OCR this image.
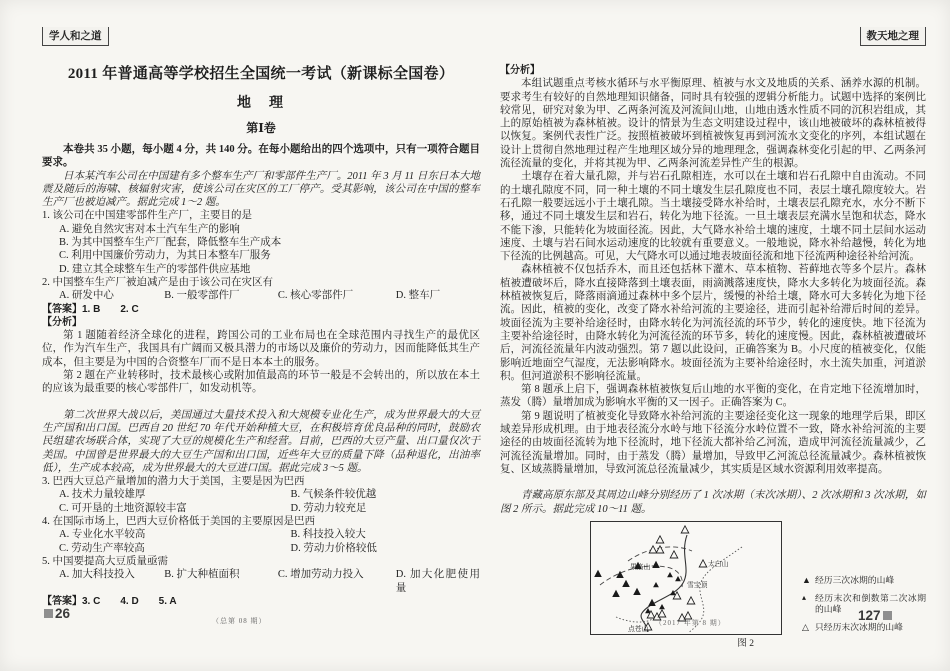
学人和之道
2011 年普通高等学校招生全国统一考试（新课标全国卷）
地　理
第Ⅰ卷
本卷共 35 小题，每小题 4 分，共 140 分。在每小题给出的四个选项中，只有一项符合题目要求。
日本某汽车公司在中国建有多个整车生产厂和零部件生产厂。2011 年 3 月 11 日东日本大地震及随后的海啸、核辐射灾害，使该公司在灾区的工厂停产。受其影响，该公司在中国的整车生产厂也被迫减产。据此完成 1～2 题。
1. 该公司在中国建零部件生产厂，主要目的是
A. 避免自然灾害对本土汽车生产的影响
B. 为其中国整车生产厂配套，降低整车生产成本
C. 利用中国廉价劳动力，为其日本整车厂服务
D. 建立其全球整车生产的零部件供应基地
2. 中国整车生产厂被迫减产是由于该公司在灾区有
A. 研发中心	B. 一般零部件厂	C. 核心零部件厂	D. 整车厂
【答案】1. B　　2. C
【分析】
第 1 题随着经济全球化的进程，跨国公司的工业布局也在全球范围内寻找生产的最优区位，作为汽车生产，我国具有广阔而又极具潜力的市场以及廉价的劳动力，因而能降低其生产成本，但主要是为中国的合资整车厂而不是日本本土的服务。
第 2 题在产业转移时，技术最核心或附加值最高的环节一般是不会转出的，所以放在本土的应该为最重要的核心零部件厂，如发动机等。
第二次世界大战以后，美国通过大量技术投入和大规模专业化生产，成为世界最大的大豆生产国和出口国。巴西自 20 世纪 70 年代开始种植大豆，在积极培育优良品种的同时，鼓励农民组建农场联合体，实现了大豆的规模化生产和经营。目前，巴西的大豆产量、出口量仅次于美国。中国曾是世界最大的大豆生产国和出口国，近些年大豆的质量下降（品种退化，出油率低），生产成本较高，成为世界最大的大豆进口国。据此完成 3～5 题。
3. 巴西大豆总产量增加的潜力大于美国，主要是因为巴西
A. 技术力量较雄厚	B. 气候条件较优越
C. 可开垦的土地资源较丰富	D. 劳动力较充足
4. 在国际市场上，巴西大豆价格低于美国的主要原因是巴西
A. 专业化水平较高	B. 科技投入较大
C. 劳动生产率较高	D. 劳动力价格较低
5. 中国要提高大豆质量亟需
A. 加大科技投入	B. 扩大种植面积	C. 增加劳动力投入	D. 加大化肥使用量
【答案】3. C　　4. D　　5. A
教天地之理
【分析】
本组试题重点考核水循环与水平衡原理、植被与水文及地质的关系、涵养水源的机制。要求考生有较好的自然地理知识储备，同时具有较强的逻辑分析能力。试题中选择的案例比较常见，研究对象为甲、乙两条河流及河流间山地，山地由透水性质不同的沉积岩组成，其上的原始植被为森林植被。设计的情景为生态文明建设过程中，该山地被破坏的森林植被得以恢复。案例代表性广泛。按照植被破坏到植被恢复再到河流水文变化的序列，本组试题在设计上贯彻自然地理过程产生地理区域分异的地理理念，强调森林变化引起的甲、乙两条河流径流量的变化，并将其视为甲、乙两条河流差异性产生的根源。
土壤存在着大量孔隙，并与岩石孔隙相连，水可以在土壤和岩石孔隙中自由流动。不同的土壤孔隙度不同，同一种土壤的不同土壤发生层孔隙度也不同，表层土壤孔隙度较大。岩石孔隙一般要远远小于土壤孔隙。当土壤接受降水补给时，土壤表层孔隙充水，水分不断下移，通过不同土壤发生层和岩石，转化为地下径流。一旦土壤表层充满水呈饱和状态，降水不能下渗，只能转化为坡面径流。因此，大气降水补给土壤的速度，土壤不同土层间水运动速度、土壤与岩石间水运动速度的比较就有重要意义。一般地说，降水补给越慢，转化为地下径流的比例越高。可见，大气降水可以通过地表坡面径流和地下径流两种途径补给河流。
森林植被不仅包括乔木，而且还包括林下灌木、草本植物、苔藓地衣等多个层片。森林植被遭破坏后，降水直接降落到土壤表面，雨滴溅落速度快，降水大多转化为坡面径流。森林植被恢复后，降落雨滴通过森林中多个层片，缓慢的补给土壤，降水可大多转化为地下径流。因此，植被的变化，改变了降水补给河流的主要途径，进而引起补给滞后时间的差异。坡面径流为主要补给途径时，由降水转化为河流径流的环节少，转化的速度快。地下径流为主要补给途径时，由降水转化为河流径流的环节多，转化的速度慢。因此，森林植被遭破坏后，河流径流量年内波动强烈。第 7 题以此设问，正确答案为 B。小尺度的植被变化，仅能影响近地面空气湿度，无法影响降水。坡面径流为主要补给途径时，水土流失加重，河道淤积。但河道淤积不影响径流量。
第 8 题承上启下，强调森林植被恢复后山地的水平衡的变化，在肯定地下径流增加时，蒸发（腾）量增加成为影响水平衡的又一因子。正确答案为 C。
第 9 题说明了植被变化导致降水补给河流的主要途径变化这一现象的地理学后果，即区域差异形成机理。由于地表径流分水岭与地下径流分水岭位置不一致，降水补给河流的主要途径的由坡面径流转为地下径流时，地下径流大都补给乙河流，造成甲河流径流量减少，乙河流径流量增加。同时，由于蒸发（腾）量增加，导致甲乙河流总径流量减少。森林植被恢复、区域蒸腾量增加，导致河流总径流量减少，其实质是区域水资源利用效率提高。
青藏高原东部及其周边山峰分别经历了 1 次冰期（末次冰期）、2 次冰期和 3 次冰期，如图 2 所示。据此完成 10～11 题。
果洛山	太白山
雪宝顶
点苍山
图 2
▲ 经历三次冰期的山峰
▴	经历末次和倒数第二次冰期的山峰
△ 只经历末次冰期的山峰
26	（总第 08 期）	（2017 年第 8 期）	127
